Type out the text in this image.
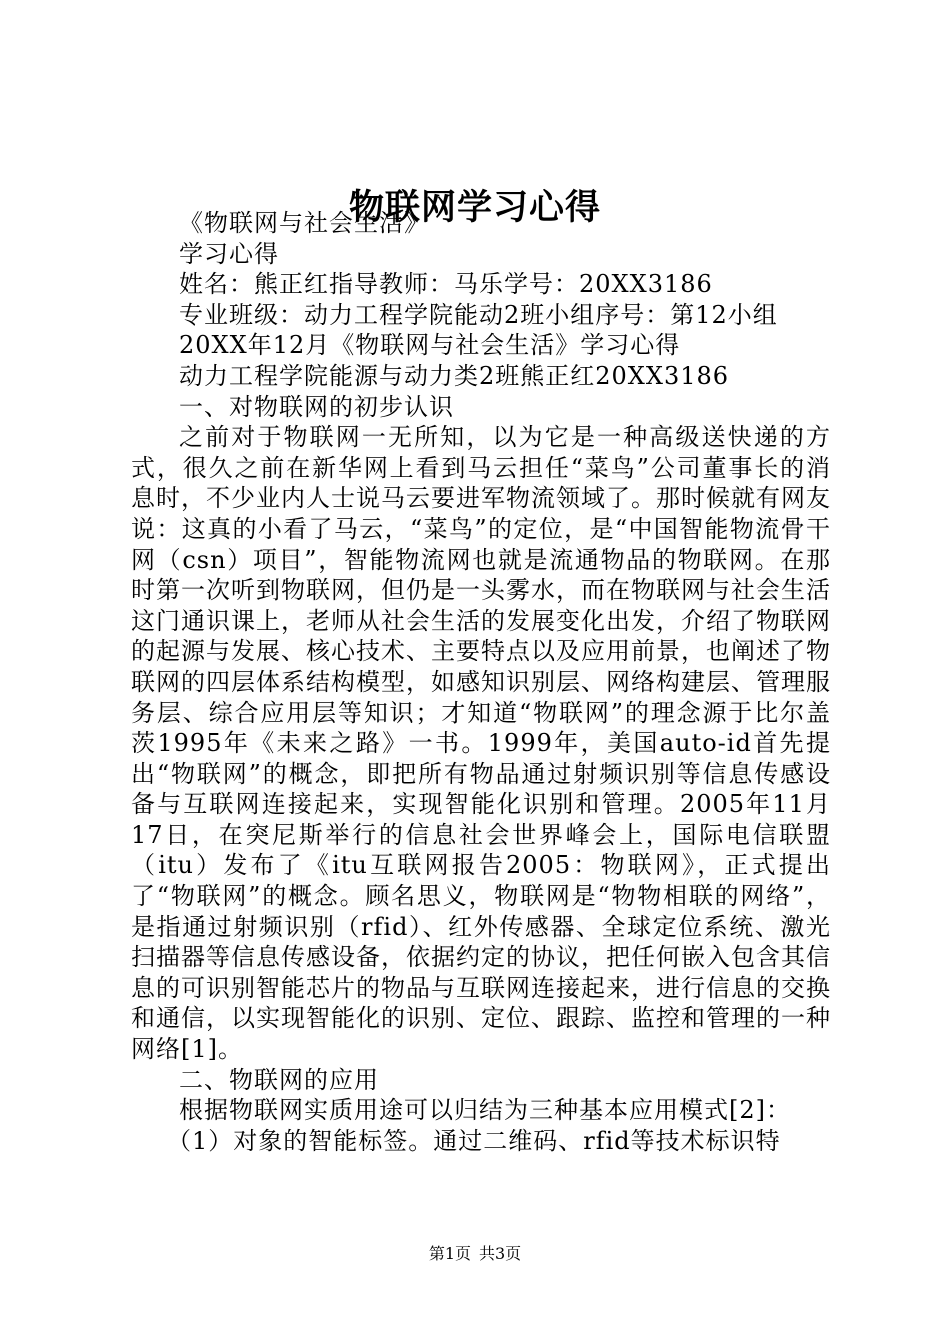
物联网学习心得
《物联网与社会生活》
学习心得
姓名：熊正红指导教师：马乐学号：20XX3186
专业班级：动力工程学院能动2班小组序号：第12小组
20XX年12月《物联网与社会生活》学习心得
动力工程学院能源与动力类2班熊正红20XX3186
一、对物联网的初步认识

之前对于物联网一无所知，以为它是一种高级送快递的方式，很久之前在新华网上看到马云担任“菜鸟”公司董事长的消息时，不少业内人士说马云要进军物流领域了。那时候就有网友说：这真的小看了马云，“菜鸟”的定位，是“中国智能物流骨干网（csn）项目”，智能物流网也就是流通物品的物联网。在那时第一次听到物联网，但仍是一头雾水，而在物联网与社会生活这门通识课上，老师从社会生活的发展变化出发，介绍了物联网的起源与发展、核心技术、主要特点以及应用前景，也阐述了物联网的四层体系结构模型，如感知识别层、网络构建层、管理服务层、综合应用层等知识；才知道“物联网”的理念源于比尔盖茨1995年《未来之路》一书。1999年，美国auto-id首先提出“物联网”的概念，即把所有物品通过射频识别等信息传感设备与互联网连接起来，实现智能化识别和管理。2005年11月17日，在突尼斯举行的信息社会世界峰会上，国际电信联盟（itu）发布了《itu互联网报告2005：物联网》，正式提出了“物联网”的概念。顾名思义，物联网是“物物相联的网络”，是指通过射频识别（rfid）、红外传感器、全球定位系统、激光扫描器等信息传感设备，依据约定的协议，把任何嵌入包含其信息的可识别智能芯片的物品与互联网连接起来，进行信息的交换和通信，以实现智能化的识别、定位、跟踪、监控和管理的一种网络[1]。

二、物联网的应用
根据物联网实质用途可以归结为三种基本应用模式[2]：
（1）对象的智能标签。通过二维码、rfid等技术标识特
第1页 共3页
